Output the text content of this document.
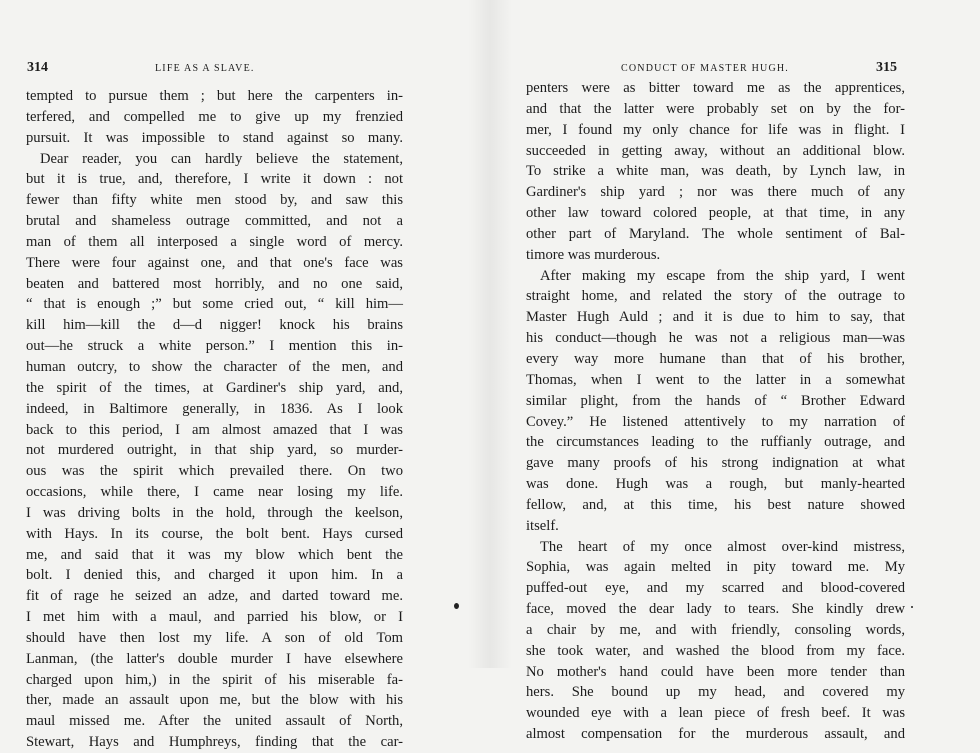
314	LIFE AS A SLAVE.
tempted to pursue them ; but here the carpenters in-
terfered, and compelled me to give up my frenzied
pursuit. It was impossible to stand against so many.
Dear reader, you can hardly believe the statement,
but it is true, and, therefore, I write it down : not
fewer than fifty white men stood by, and saw this
brutal and shameless outrage committed, and not a
man of them all interposed a single word of mercy.
There were four against one, and that one's face was
beaten and battered most horribly, and no one said,
“ that is enough ;” but some cried out, “ kill him—
kill him—kill the d—d nigger! knock his brains
out—he struck a white person.” I mention this in-
human outcry, to show the character of the men, and
the spirit of the times, at Gardiner's ship yard, and,
indeed, in Baltimore generally, in 1836. As I look
back to this period, I am almost amazed that I was
not murdered outright, in that ship yard, so murder-
ous was the spirit which prevailed there. On two
occasions, while there, I came near losing my life.
I was driving bolts in the hold, through the keelson,
with Hays. In its course, the bolt bent. Hays cursed
me, and said that it was my blow which bent the
bolt. I denied this, and charged it upon him. In a
fit of rage he seized an adze, and darted toward me.
I met him with a maul, and parried his blow, or I
should have then lost my life. A son of old Tom
Lanman, (the latter's double murder I have elsewhere
charged upon him,) in the spirit of his miserable fa-
ther, made an assault upon me, but the blow with his
maul missed me. After the united assault of North,
Stewart, Hays and Humphreys, finding that the car-
CONDUCT OF MASTER HUGH.	315
penters were as bitter toward me as the apprentices,
and that the latter were probably set on by the for-
mer, I found my only chance for life was in flight. I
succeeded in getting away, without an additional blow.
To strike a white man, was death, by Lynch law, in
Gardiner's ship yard ; nor was there much of any
other law toward colored people, at that time, in any
other part of Maryland. The whole sentiment of Bal-
timore was murderous.
After making my escape from the ship yard, I went
straight home, and related the story of the outrage to
Master Hugh Auld ; and it is due to him to say, that
his conduct—though he was not a religious man—was
every way more humane than that of his brother,
Thomas, when I went to the latter in a somewhat
similar plight, from the hands of “ Brother Edward
Covey.” He listened attentively to my narration of
the circumstances leading to the ruffianly outrage, and
gave many proofs of his strong indignation at what
was done. Hugh was a rough, but manly-hearted
fellow, and, at this time, his best nature showed
itself.
The heart of my once almost over-kind mistress,
Sophia, was again melted in pity toward me. My
puffed-out eye, and my scarred and blood-covered
face, moved the dear lady to tears. She kindly drew
a chair by me, and with friendly, consoling words,
she took water, and washed the blood from my face.
No mother's hand could have been more tender than
hers. She bound up my head, and covered my
wounded eye with a lean piece of fresh beef. It was
almost compensation for the murderous assault, and
